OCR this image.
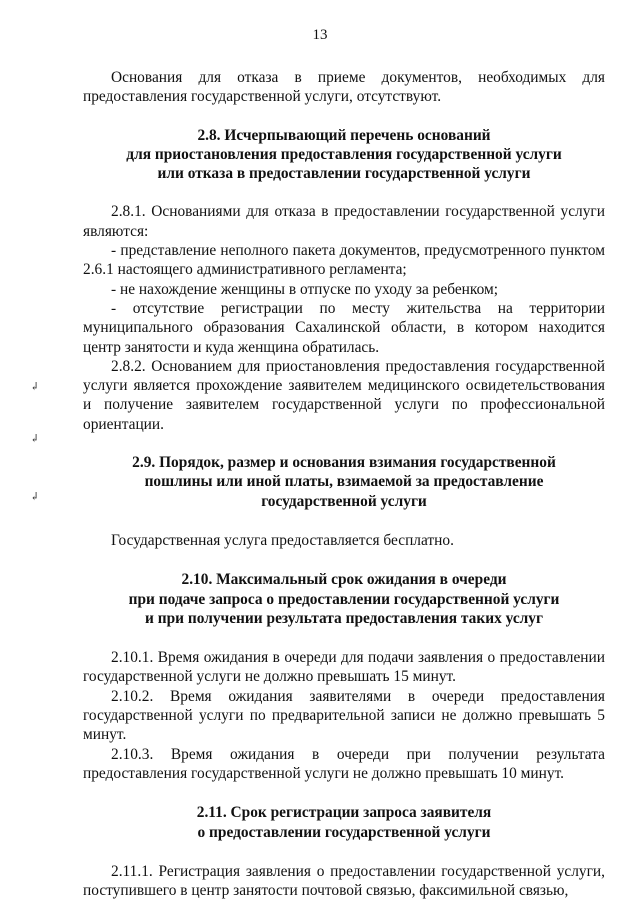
13
↲
↲
↲

Основания для отказа в приеме документов, необходимых для предоставления государственной услуги, отсутствуют.

2.8. Исчерпывающий перечень оснований

для приостановления предоставления государственной услуги

или отказа в предоставлении государственной услуги

2.8.1. Основаниями для отказа в предоставлении государственной услуги являются:

- представление неполного пакета документов, предусмотренного пунктом 2.6.1 настоящего административного регламента;

- не нахождение женщины в отпуске по уходу за ребенком;

- отсутствие регистрации по месту жительства на территории муниципального образования Сахалинской области, в котором находится центр занятости и куда женщина обратилась.

2.8.2. Основанием для приостановления предоставления государственной услуги является прохождение заявителем медицинского освидетельствования и получение заявителем государственной услуги по профессиональной ориентации.

2.9. Порядок, размер и основания взимания государственной

пошлины или иной платы, взимаемой за предоставление

государственной услуги

Государственная услуга предоставляется бесплатно.

2.10. Максимальный срок ожидания в очереди

при подаче запроса о предоставлении государственной услуги

и при получении результата предоставления таких услуг

2.10.1. Время ожидания в очереди для подачи заявления о предоставлении государственной услуги не должно превышать 15 минут.

2.10.2. Время ожидания заявителями в очереди предоставления государственной услуги по предварительной записи не должно превышать 5 минут.

2.10.3. Время ожидания в очереди при получении результата предоставления государственной услуги не должно превышать 10 минут.

2.11. Срок регистрации запроса заявителя

о предоставлении государственной услуги

2.11.1. Регистрация заявления о предоставлении государственной услуги, поступившего в центр занятости почтовой связью, факсимильной связью,
